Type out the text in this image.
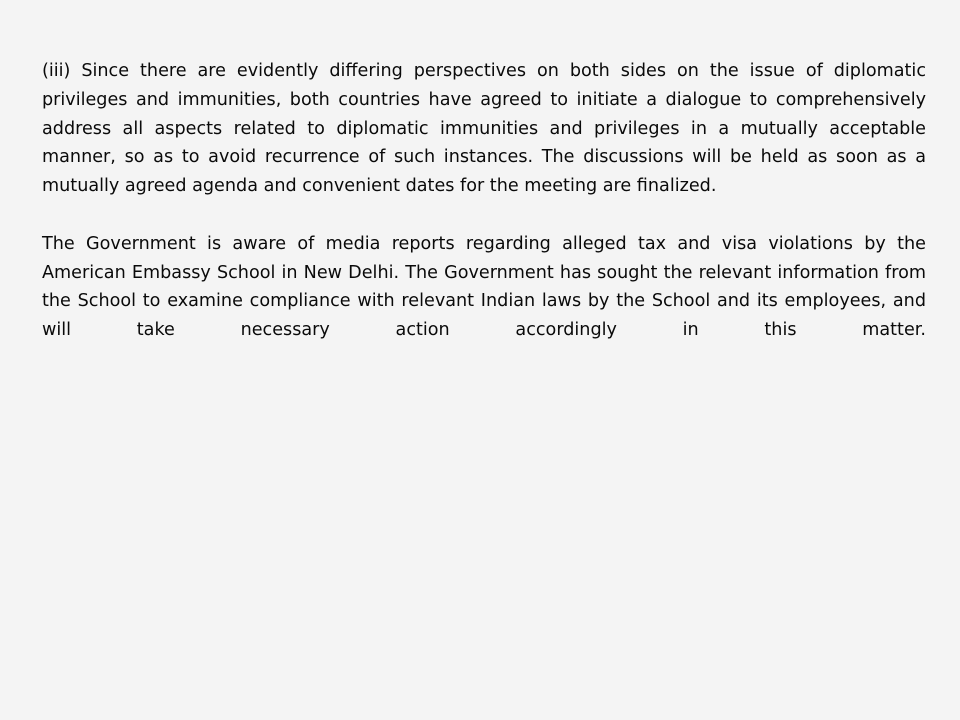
(iii) Since there are evidently differing perspectives on both sides on the issue of diplomatic privileges and immunities, both countries have agreed to initiate a dialogue to comprehensively address all aspects related to diplomatic immunities and privileges in a mutually acceptable manner, so as to avoid recurrence of such instances. The discussions will be held as soon as a mutually agreed agenda and convenient dates for the meeting are finalized.

The Government is aware of media reports regarding alleged tax and visa violations by the American Embassy School in New Delhi. The Government has sought the relevant information from the School to examine compliance with relevant Indian laws by the School and its employees, and will take necessary action accordingly in this matter.
